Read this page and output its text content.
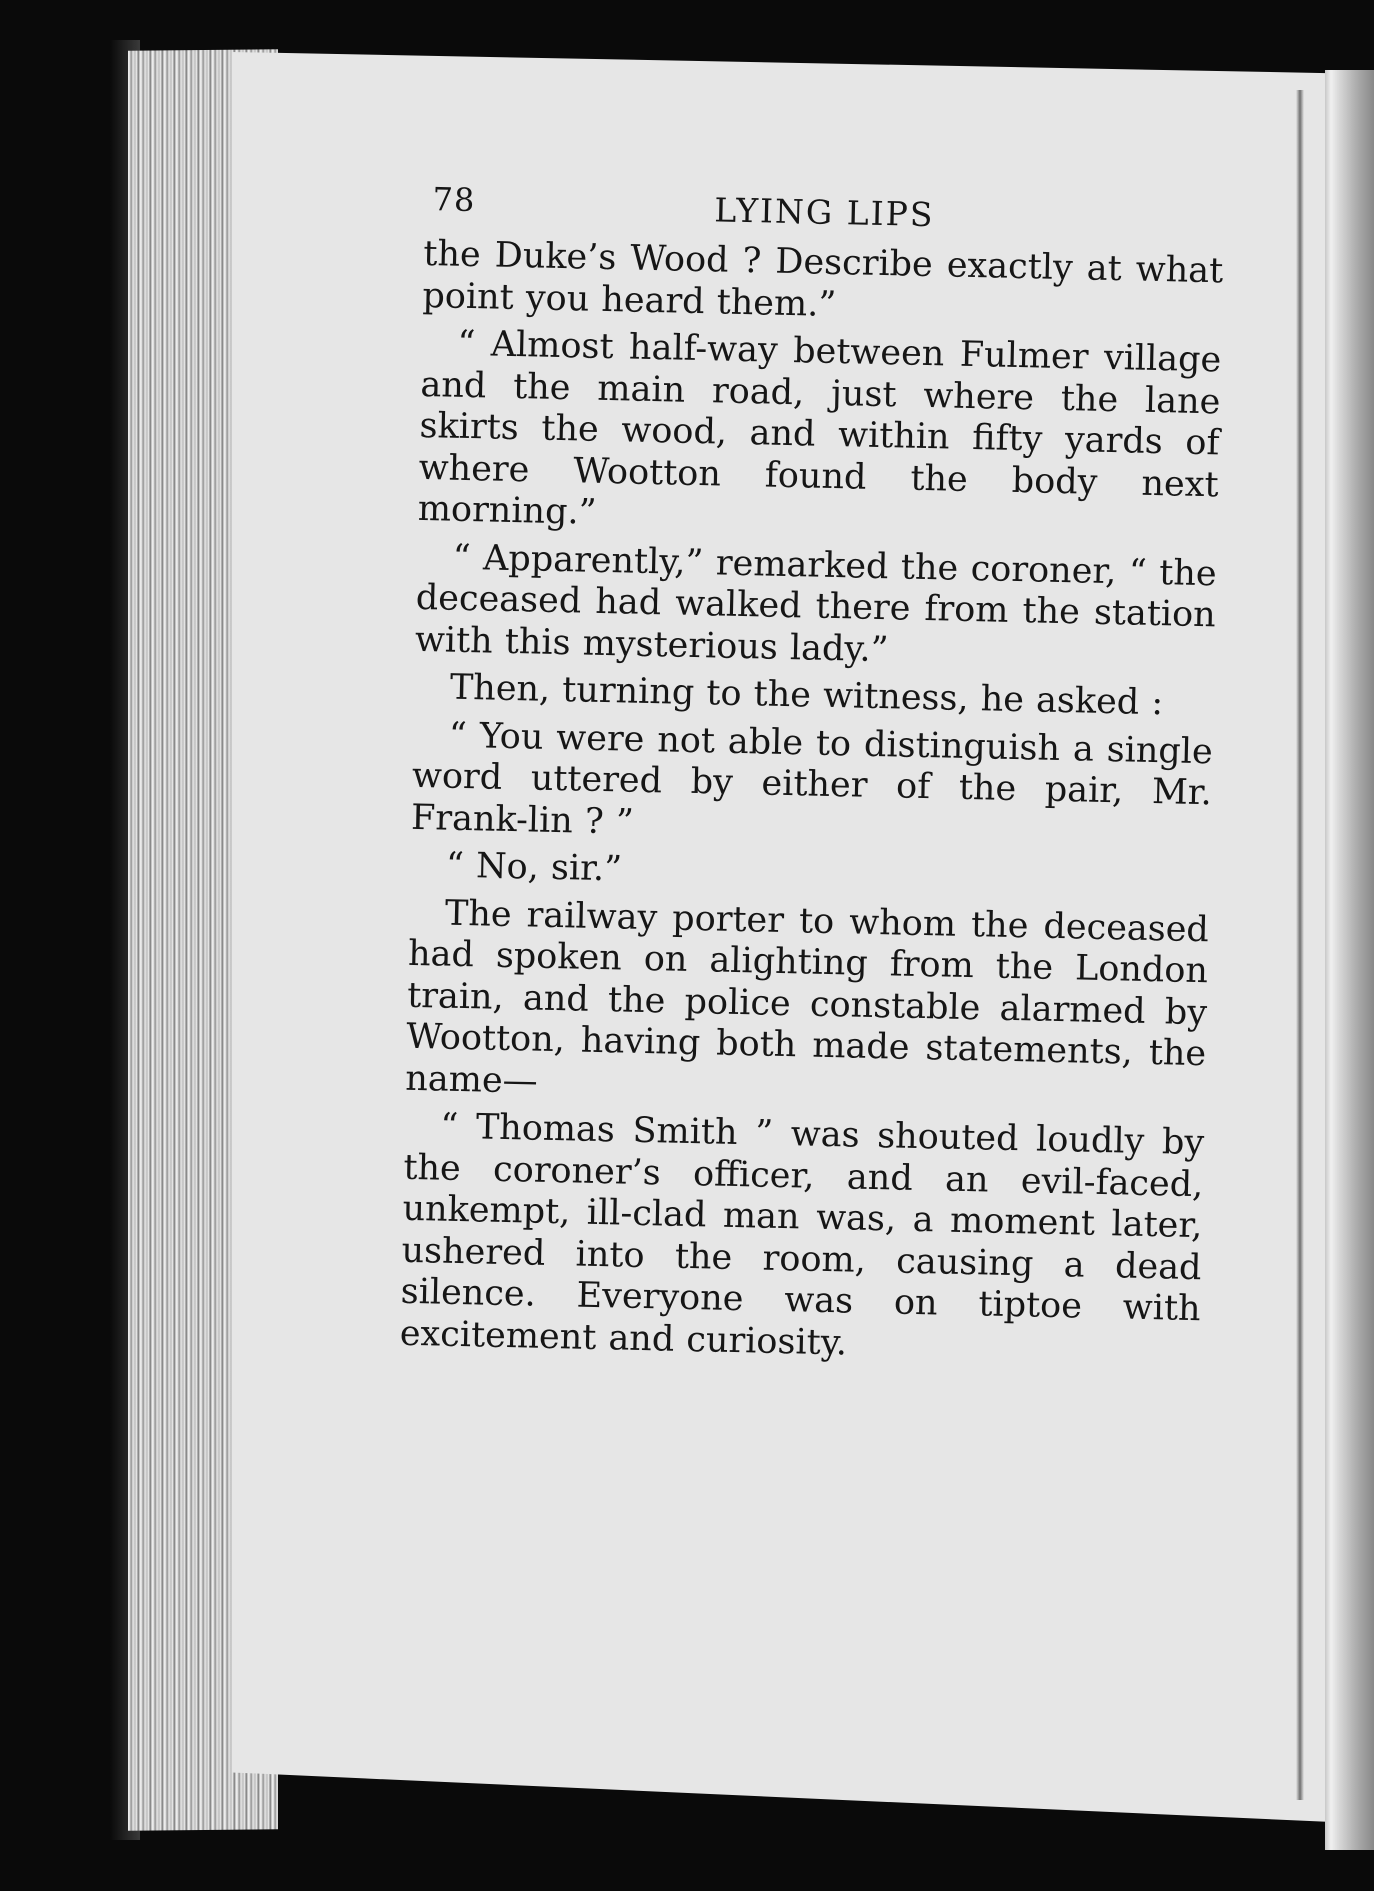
78	LYING LIPS

the Duke’s Wood ? Describe exactly at what point you heard them.”

“ Almost half-way between Fulmer village and the main road, just where the lane skirts the wood, and within fifty yards of where Wootton found the body next morning.”

“ Apparently,” remarked the coroner, “ the deceased had walked there from the station with this mysterious lady.”

Then, turning to the witness, he asked :

“ You were not able to distinguish a single word uttered by either of the pair, Mr. Frank-lin ? ”

“ No, sir.”

The railway porter to whom the deceased had spoken on alighting from the London train, and the police constable alarmed by Wootton, having both made statements, the name—

“ Thomas Smith ” was shouted loudly by the coroner’s officer, and an evil-faced, unkempt, ill-clad man was, a moment later, ushered into the room, causing a dead silence. Everyone was on tiptoe with excitement and curiosity.
